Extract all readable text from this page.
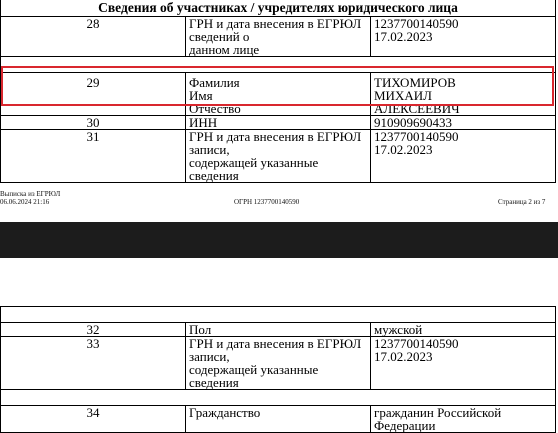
Сведения об участниках / учредителях юридического лица		
28	ГРН и дата внесения в ЕГРЮЛ сведений о
данном лице	1237700140590
17.02.2023

29	Фамилия
Имя
Отчество	ТИХОМИРОВ
МИХАИЛ
АЛЕКСЕЕВИЧ

30	ИНН	910909690433
31	ГРН и дата внесения в ЕГРЮЛ записи,
содержащей указанные сведения	1237700140590
17.02.2023
Выписка из ЕГРЮЛ
06.06.2024 21:16	ОГРН 1237700140590	Страница 2 из 7

32	Пол	мужской
33	ГРН и дата внесения в ЕГРЮЛ записи,
содержащей указанные сведения	1237700140590
17.02.2023

34	Гражданство	гражданин Российской Федерации
